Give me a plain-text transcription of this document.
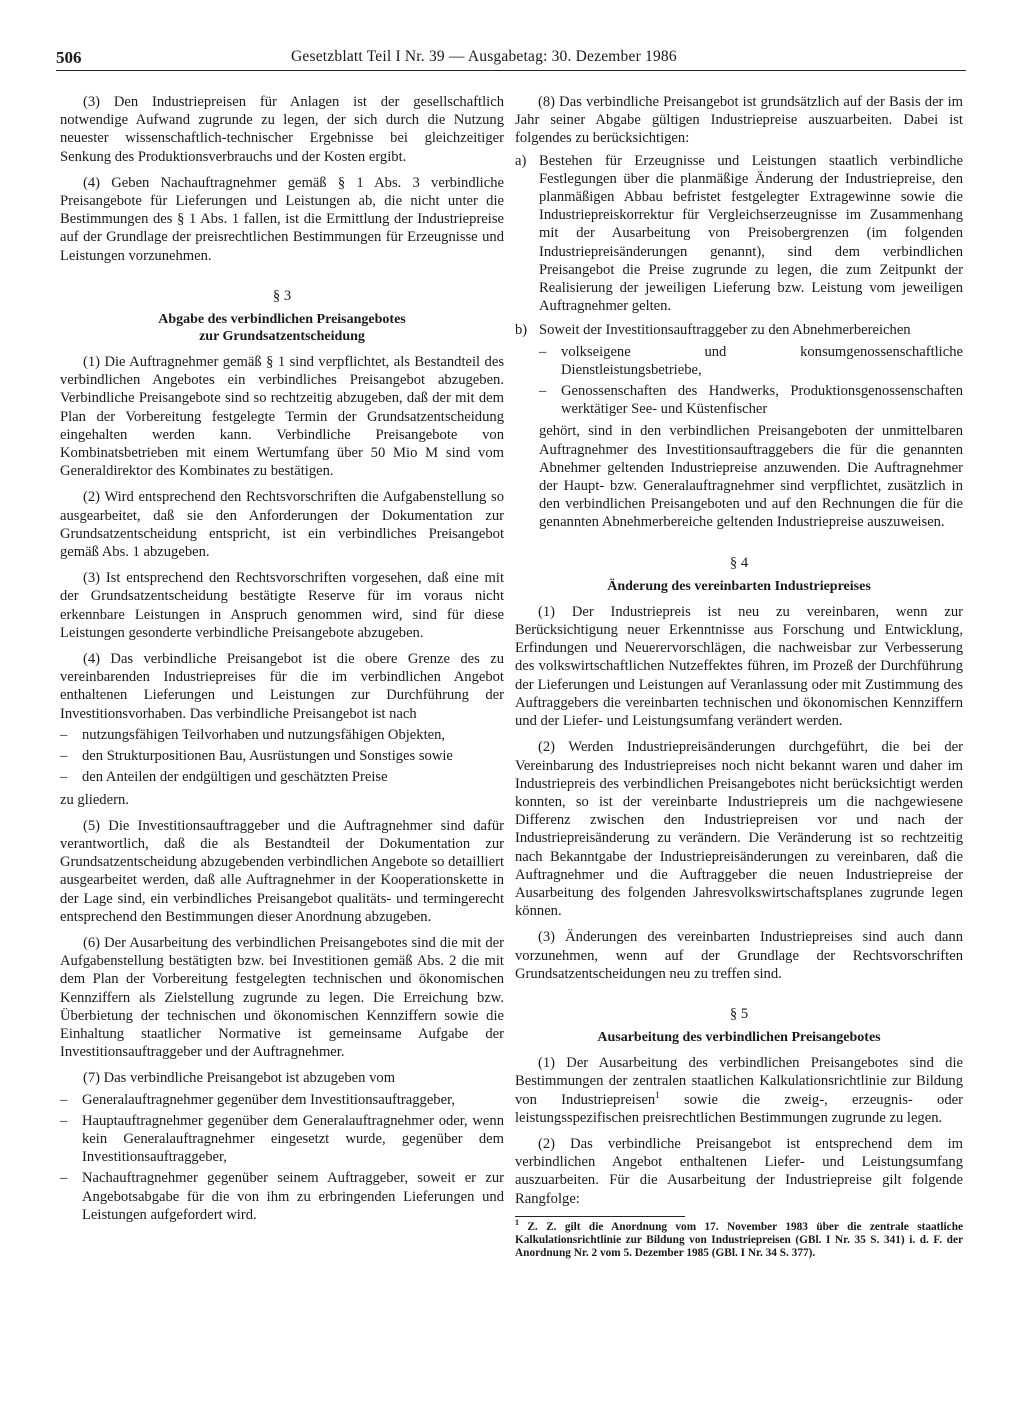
506	Gesetzblatt Teil I Nr. 39 — Ausgabetag: 30. Dezember 1986

(3) Den Industriepreisen für Anlagen ist der gesellschaftlich notwendige Aufwand zugrunde zu legen, der sich durch die Nutzung neuester wissenschaftlich-technischer Ergebnisse bei gleichzeitiger Senkung des Produktionsverbrauchs und der Kosten ergibt.

(4) Geben Nachauftragnehmer gemäß § 1 Abs. 3 verbindliche Preisangebote für Lieferungen und Leistungen ab, die nicht unter die Bestimmungen des § 1 Abs. 1 fallen, ist die Ermittlung der Industriepreise auf der Grundlage der preisrechtlichen Bestimmungen für Erzeugnisse und Leistungen vorzunehmen.

§ 3
Abgabe des verbindlichen Preisangebotes
zur Grundsatzentscheidung

(1) Die Auftragnehmer gemäß § 1 sind verpflichtet, als Bestandteil des verbindlichen Angebotes ein verbindliches Preisangebot abzugeben. Verbindliche Preisangebote sind so rechtzeitig abzugeben, daß der mit dem Plan der Vorbereitung festgelegte Termin der Grundsatzentscheidung eingehalten werden kann. Verbindliche Preisangebote von Kombinatsbetrieben mit einem Wertumfang über 50 Mio M sind vom Generaldirektor des Kombinates zu bestätigen.

(2) Wird entsprechend den Rechtsvorschriften die Aufgabenstellung so ausgearbeitet, daß sie den Anforderungen der Dokumentation zur Grundsatzentscheidung entspricht, ist ein verbindliches Preisangebot gemäß Abs. 1 abzugeben.

(3) Ist entsprechend den Rechtsvorschriften vorgesehen, daß eine mit der Grundsatzentscheidung bestätigte Reserve für im voraus nicht erkennbare Leistungen in Anspruch genommen wird, sind für diese Leistungen gesonderte verbindliche Preisangebote abzugeben.

(4) Das verbindliche Preisangebot ist die obere Grenze des zu vereinbarenden Industriepreises für die im verbindlichen Angebot enthaltenen Lieferungen und Leistungen zur Durchführung der Investitionsvorhaben. Das verbindliche Preisangebot ist nach

– nutzungsfähigen Teilvorhaben und nutzungsfähigen Objekten,
– den Strukturpositionen Bau, Ausrüstungen und Sonstiges sowie
– den Anteilen der endgültigen und geschätzten Preise

zu gliedern.

(5) Die Investitionsauftraggeber und die Auftragnehmer sind dafür verantwortlich, daß die als Bestandteil der Dokumentation zur Grundsatzentscheidung abzugebenden verbindlichen Angebote so detailliert ausgearbeitet werden, daß alle Auftragnehmer in der Kooperationskette in der Lage sind, ein verbindliches Preisangebot qualitäts- und termingerecht entsprechend den Bestimmungen dieser Anordnung abzugeben.

(6) Der Ausarbeitung des verbindlichen Preisangebotes sind die mit der Aufgabenstellung bestätigten bzw. bei Investitionen gemäß Abs. 2 die mit dem Plan der Vorbereitung festgelegten technischen und ökonomischen Kennziffern als Zielstellung zugrunde zu legen. Die Erreichung bzw. Überbietung der technischen und ökonomischen Kennziffern sowie die Einhaltung staatlicher Normative ist gemeinsame Aufgabe der Investitionsauftraggeber und der Auftragnehmer.

(7) Das verbindliche Preisangebot ist abzugeben vom

– Generalauftragnehmer gegenüber dem Investitionsauftraggeber,
– Hauptauftragnehmer gegenüber dem Generalauftragnehmer oder, wenn kein Generalauftragnehmer eingesetzt wurde, gegenüber dem Investitionsauftraggeber,
– Nachauftragnehmer gegenüber seinem Auftraggeber, soweit er zur Angebotsabgabe für die von ihm zu erbringenden Lieferungen und Leistungen aufgefordert wird.

(8) Das verbindliche Preisangebot ist grundsätzlich auf der Basis der im Jahr seiner Abgabe gültigen Industriepreise auszuarbeiten. Dabei ist folgendes zu berücksichtigen:

a) Bestehen für Erzeugnisse und Leistungen staatlich verbindliche Festlegungen über die planmäßige Änderung der Industriepreise, den planmäßigen Abbau befristet festgelegter Extragewinne sowie die Industriepreiskorrektur für Vergleichserzeugnisse im Zusammenhang mit der Ausarbeitung von Preisobergrenzen (im folgenden Industriepreisänderungen genannt), sind dem verbindlichen Preisangebot die Preise zugrunde zu legen, die zum Zeitpunkt der Realisierung der jeweiligen Lieferung bzw. Leistung vom jeweiligen Auftragnehmer gelten.
b) Soweit der Investitionsauftraggeber zu den Abnehmerbereichen
– volkseigene und konsumgenossenschaftliche Dienstleistungsbetriebe,
– Genossenschaften des Handwerks, Produktionsgenossenschaften werktätiger See- und Küstenfischer

gehört, sind in den verbindlichen Preisangeboten der unmittelbaren Auftragnehmer des Investitionsauftraggebers die für die genannten Abnehmer geltenden Industriepreise anzuwenden. Die Auftragnehmer der Haupt- bzw. Generalauftragnehmer sind verpflichtet, zusätzlich in den verbindlichen Preisangeboten und auf den Rechnungen die für die genannten Abnehmerbereiche geltenden Industriepreise auszuweisen.

§ 4
Änderung des vereinbarten Industriepreises

(1) Der Industriepreis ist neu zu vereinbaren, wenn zur Berücksichtigung neuer Erkenntnisse aus Forschung und Entwicklung, Erfindungen und Neuerervorschlägen, die nachweisbar zur Verbesserung des volkswirtschaftlichen Nutzeffektes führen, im Prozeß der Durchführung der Lieferungen und Leistungen auf Veranlassung oder mit Zustimmung des Auftraggebers die vereinbarten technischen und ökonomischen Kennziffern und der Liefer- und Leistungsumfang verändert werden.

(2) Werden Industriepreisänderungen durchgeführt, die bei der Vereinbarung des Industriepreises noch nicht bekannt waren und daher im Industriepreis des verbindlichen Preisangebotes nicht berücksichtigt werden konnten, so ist der vereinbarte Industriepreis um die nachgewiesene Differenz zwischen den Industriepreisen vor und nach der Industriepreisänderung zu verändern. Die Veränderung ist so rechtzeitig nach Bekanntgabe der Industriepreisänderungen zu vereinbaren, daß die Auftragnehmer und die Auftraggeber die neuen Industriepreise der Ausarbeitung des folgenden Jahresvolkswirtschaftsplanes zugrunde legen können.

(3) Änderungen des vereinbarten Industriepreises sind auch dann vorzunehmen, wenn auf der Grundlage der Rechtsvorschriften Grundsatzentscheidungen neu zu treffen sind.

§ 5
Ausarbeitung des verbindlichen Preisangebotes

(1) Der Ausarbeitung des verbindlichen Preisangebotes sind die Bestimmungen der zentralen staatlichen Kalkulationsrichtlinie zur Bildung von Industriepreisen$^1$ sowie die zweig-, erzeugnis- oder leistungsspezifischen preisrechtlichen Bestimmungen zugrunde zu legen.

(2) Das verbindliche Preisangebot ist entsprechend dem im verbindlichen Angebot enthaltenen Liefer- und Leistungsumfang auszuarbeiten. Für die Ausarbeitung der Industriepreise gilt folgende Rangfolge:

$^1$ Z. Z. gilt die Anordnung vom 17. November 1983 über die zentrale staatliche Kalkulationsrichtlinie zur Bildung von Industriepreisen (GBl. I Nr. 35 S. 341) i. d. F. der Anordnung Nr. 2 vom 5. Dezember 1985 (GBl. I Nr. 34 S. 377).
